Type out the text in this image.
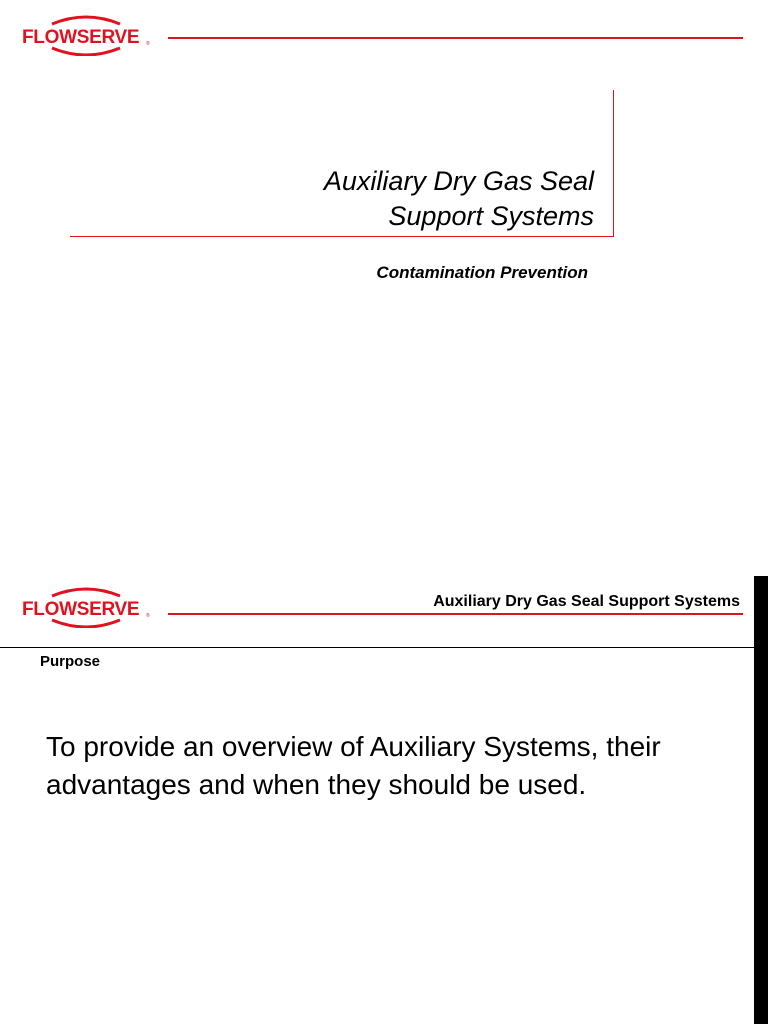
FLOWSERVE ®
Auxiliary Dry Gas Seal
Support Systems
Contamination Prevention
FLOWSERVE ®
Auxiliary Dry Gas Seal Support Systems
Purpose
To provide an overview of Auxiliary Systems, their advantages and when they should be used.
